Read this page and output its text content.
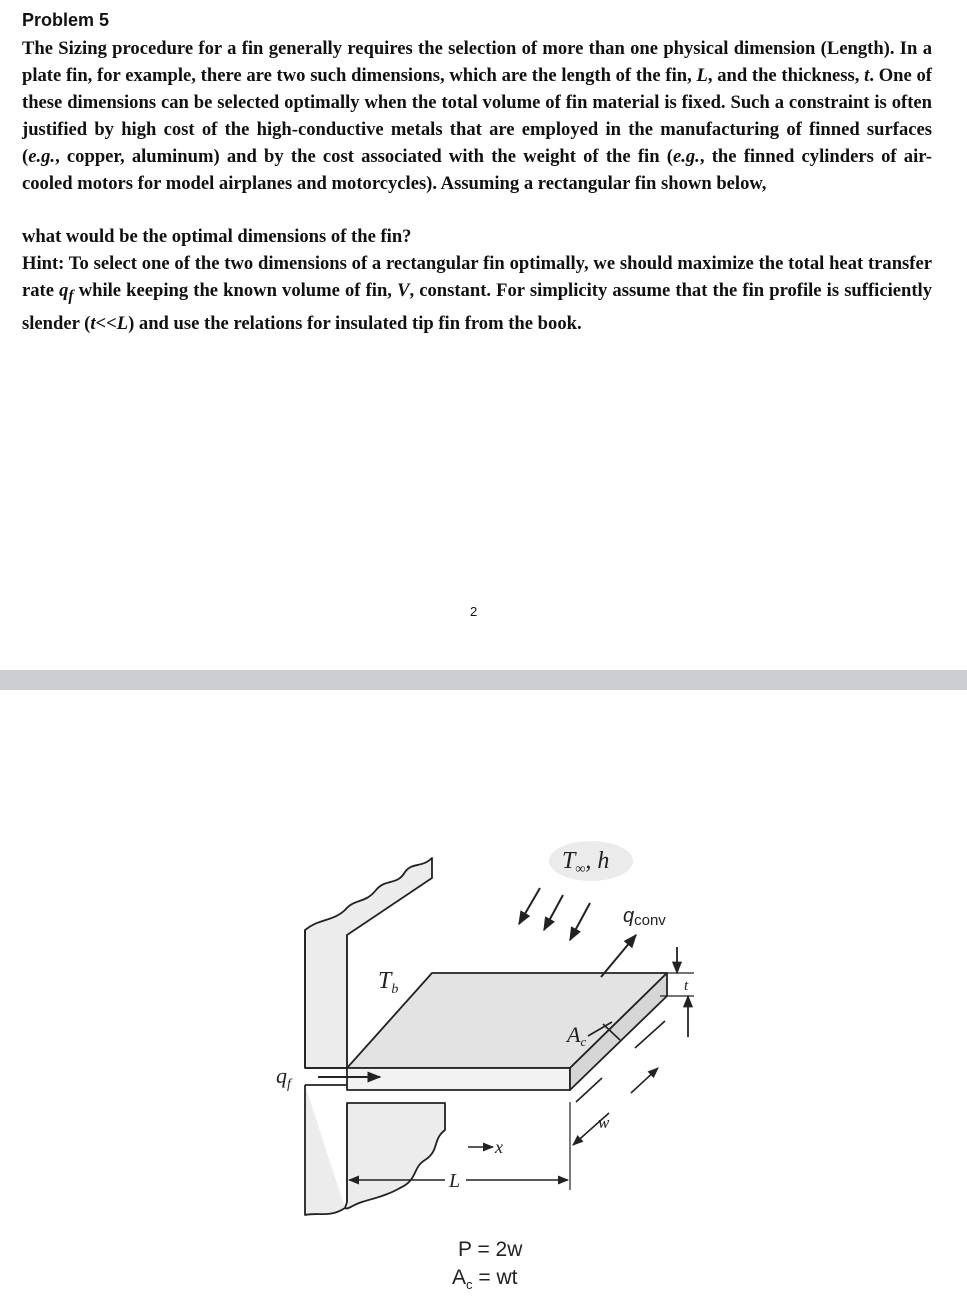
Problem 5

The Sizing procedure for a fin generally requires the selection of more than one physical dimension (Length). In a plate fin, for example, there are two such dimensions, which are the length of the fin, L, and the thickness, t. One of these dimensions can be selected optimally when the total volume of fin material is fixed. Such a constraint is often justified by high cost of the high-conductive metals that are employed in the manufacturing of finned surfaces (e.g., copper, aluminum) and by the cost associated with the weight of the fin (e.g., the finned cylinders of air-cooled motors for model airplanes and motorcycles). Assuming a rectangular fin shown below,

what would be the optimal dimensions of the fin?

Hint: To select one of the two dimensions of a rectangular fin optimally, we should maximize the total heat transfer rate $q_f$ while keeping the known volume of fin, V, constant. For simplicity assume that the fin profile is sufficiently slender (t<<L) and use the relations for insulated tip fin from the book.

2
$T_\infty$, h
qconv
$T_b$
Ac
t
w
$q_f$
x
L
P = 2w
$A_c$ = wt
